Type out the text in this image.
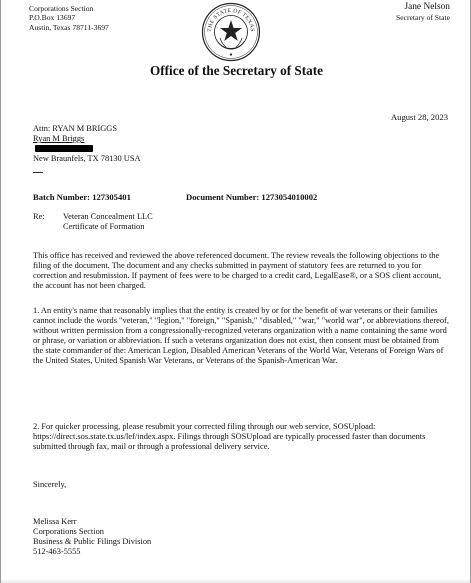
Corporations Section
P.O.Box 13697
Austin, Texas 78711-3697	THE STATE OF TEXAS
Jane Nelson
Secretary of State
Office of the Secretary of State
August 28, 2023
Attn: RYAN M BRIGGS
Ryan M Briggs
New Braunfels, TX 78130 USA
Batch Number: 127305401	Document Number: 1273054010002
Re: Veteran Concealment LLC
Certificate of Formation
This office has received and reviewed the above referenced document. The review reveals the following objections to the filing of the document. The document and any checks submitted in payment of statutory fees are returned to you for correction and resubmission. If payment of fees were to be charged to a credit card, LegalEase®, or a SOS client account, the account has not been charged.
1. An entity's name that reasonably implies that the entity is created by or for the benefit of war veterans or their families cannot include the words "veteran," "legion," "foreign," "Spanish," "disabled," "war," "world war", or abbreviations thereof, without written permission from a congressionally-recognized veterans organization with a name containing the same word or phrase, or variation or abbreviation. If such a veterans organization does not exist, then consent must be obtained from the state commander of the: American Legion, Disabled American Veterans of the World War, Veterans of Foreign Wars of the United States, United Spanish War Veterans, or Veterans of the Spanish-American War.
2. For quicker processing, please resubmit your corrected filing through our web service, SOSUpload: https://direct.sos.state.tx.us/lef/index.aspx. Filings through SOSUpload are typically processed faster than documents submitted through fax, mail or through a professional delivery service.
Sincerely,
Melissa Kerr
Corporations Section
Business & Public Filings Division
512-463-5555
